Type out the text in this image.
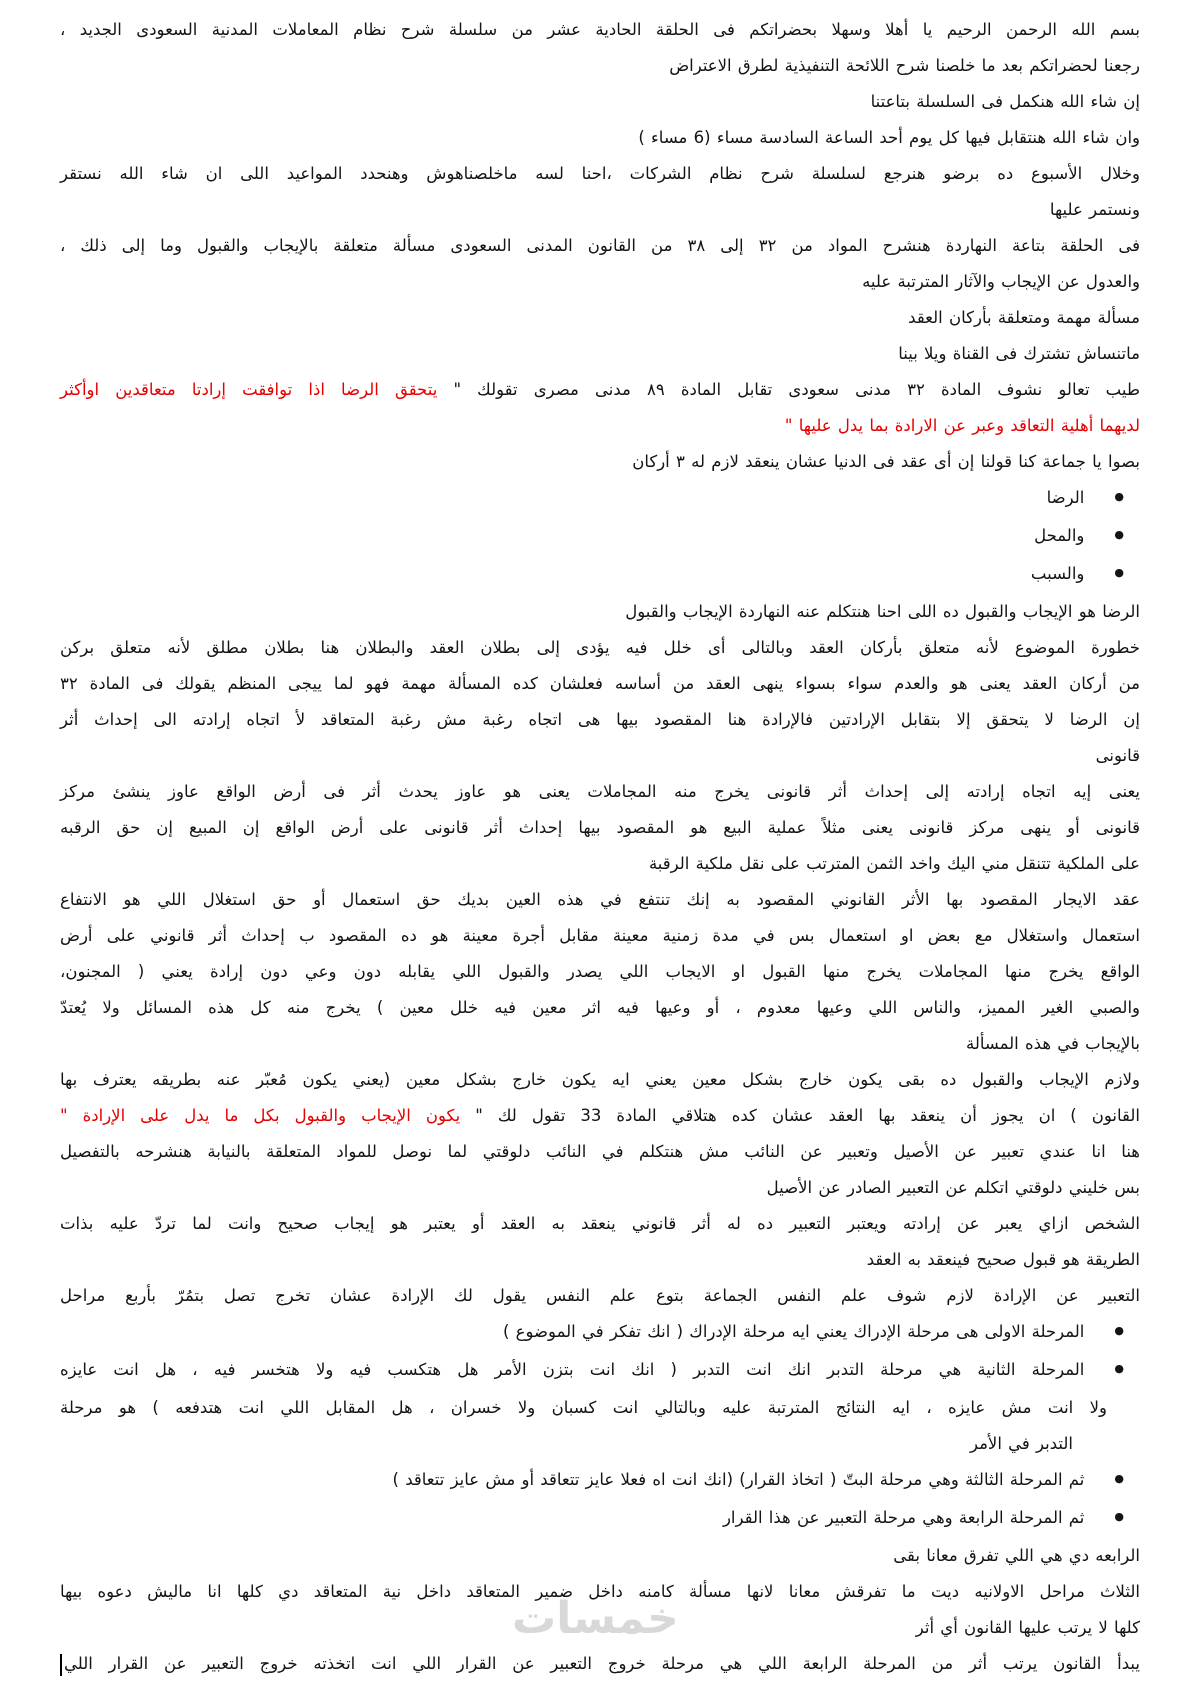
خمسات
بسم الله الرحمن الرحيم يا أهلا وسهلا بحضراتكم فى الحلقة الحادية عشر من سلسلة شرح نظام المعاملات المدنية السعودى الجديد ،
رجعنا لحضراتكم بعد ما خلصنا شرح اللائحة التنفيذية لطرق الاعتراض
إن شاء الله هنكمل فى السلسلة بتاعتنا
وان شاء الله هنتقابل فيها كل يوم أحد الساعة السادسة مساء (6 مساء )
وخلال الأسبوع ده برضو هنرجع لسلسلة شرح نظام الشركات ،احنا لسه ماخلصناهوش وهنحدد المواعيد اللى ان شاء الله نستقر
ونستمر عليها
فى الحلقة بتاعة النهاردة هنشرح المواد من ٣٢ إلى ٣٨ من القانون المدنى السعودى مسألة متعلقة بالإيجاب والقبول وما إلى ذلك ،
والعدول عن الإيجاب والآثار المترتبة عليه
مسألة مهمة ومتعلقة بأركان العقد
ماتنساش تشترك فى القناة ويلا بينا
طيب تعالو نشوف المادة ٣٢ مدنى سعودى تقابل المادة ٨٩ مدنى مصرى تقولك " يتحقق الرضا اذا توافقت إرادتا متعاقدين اوأكثر
لديهما أهلية التعاقد وعبر عن الارادة بما يدل عليها "
بصوا يا جماعة كنا قولنا إن أى عقد فى الدنيا عشان ينعقد لازم له ٣ أركان
●الرضا
●والمحل
●والسبب
الرضا هو الإيجاب والقبول ده اللى احنا هنتكلم عنه النهاردة الإيجاب والقبول
خطورة الموضوع لأنه متعلق بأركان العقد وبالتالى أى خلل فيه يؤدى إلى بطلان العقد والبطلان هنا بطلان مطلق لأنه متعلق بركن
من أركان العقد يعنى هو والعدم سواء بسواء ينهى العقد من أساسه فعلشان كده المسألة مهمة فهو لما ييجى المنظم يقولك فى المادة ٣٢
إن الرضا لا يتحقق إلا بتقابل الإرادتين فالإرادة هنا المقصود بيها هى اتجاه رغبة مش رغبة المتعاقد لأ اتجاه إرادته الى إحداث أثر
قانونى
يعنى إيه اتجاه إرادته إلى إحداث أثر قانونى يخرج منه المجاملات يعنى هو عاوز يحدث أثر فى أرض الواقع عاوز ينشئ مركز
قانونى أو ينهى مركز قانونى يعنى مثلاً عملية البيع هو المقصود بيها إحداث أثر قانونى على أرض الواقع إن المبيع إن حق الرقبه
على الملكية تتنقل مني اليك واخد الثمن المترتب على نقل ملكية الرقبة
عقد الايجار المقصود بها الأثر القانوني المقصود به إنك تنتفع في هذه العين بديك حق استعمال أو حق استغلال اللي هو الانتفاع
استعمال واستغلال مع بعض او استعمال بس في مدة زمنية معينة مقابل أجرة معينة هو ده المقصود ب إحداث أثر قانوني على أرض
الواقع يخرج منها المجاملات يخرج منها القبول او الايجاب اللي يصدر والقبول اللي يقابله دون وعي دون إرادة يعني ( المجنون،
والصبي الغير المميز، والناس اللي وعيها معدوم ، أو وعيها فيه اثر معين فيه خلل معين ) يخرج منه كل هذه المسائل ولا يُعتدّ
بالإيجاب في هذه المسألة
ولازم الإيجاب والقبول ده بقى يكون خارج بشكل معين يعني ايه يكون خارج بشكل معين (يعني يكون مُعبّر عنه بطريقه يعترف بها
القانون ) ان يجوز أن ينعقد بها العقد عشان كده هتلاقي المادة 33 تقول لك " يكون الإيجاب والقبول بكل ما يدل على الإرادة "
هنا انا عندي تعبير عن الأصيل وتعبير عن النائب مش هنتكلم في النائب دلوقتي لما نوصل للمواد المتعلقة بالنيابة هنشرحه بالتفصيل
بس خليني دلوقتي اتكلم عن التعبير الصادر عن الأصيل
الشخص ازاي يعبر عن إرادته ويعتبر التعبير ده له أثر قانوني ينعقد به العقد أو يعتبر هو إيجاب صحيح وانت لما تردّ عليه بذات
الطريقة هو قبول صحيح فينعقد به العقد
التعبير عن الإرادة لازم شوف علم النفس الجماعة بتوع علم النفس يقول لك الإرادة عشان تخرج تصل بتمُرّ بأربع مراحل
●المرحلة الاولى هى مرحلة الإدراك يعني ايه مرحلة الإدراك ( انك تفكر في الموضوع )
●المرحلة الثانية هي مرحلة التدبر انك انت التدبر ( انك انت بتزن الأمر هل هتكسب فيه ولا هتخسر فيه ، هل انت عايزه
ولا انت مش عايزه ، ايه النتائج المترتبة عليه وبالتالي انت كسبان ولا خسران ، هل المقابل اللي انت هتدفعه ) هو مرحلة
التدبر في الأمر
●ثم المرحلة الثالثة وهي مرحلة البتّ ( اتخاذ القرار) (انك انت اه فعلا عايز تتعاقد أو مش عايز تتعاقد )
●ثم المرحلة الرابعة وهي مرحلة التعبير عن هذا القرار
الرابعه دي هي اللي تفرق معانا بقى
الثلاث مراحل الاولانيه ديت ما تفرقش معانا لانها مسألة كامنه داخل ضمير المتعاقد داخل نية المتعاقد دي كلها انا ماليش دعوه بيها
كلها لا يرتب عليها القانون أي أثر
يبدأ القانون يرتب أثر من المرحلة الرابعة اللي هي مرحلة خروج التعبير عن القرار اللي انت اتخذته خروج التعبير عن القرار اللي
